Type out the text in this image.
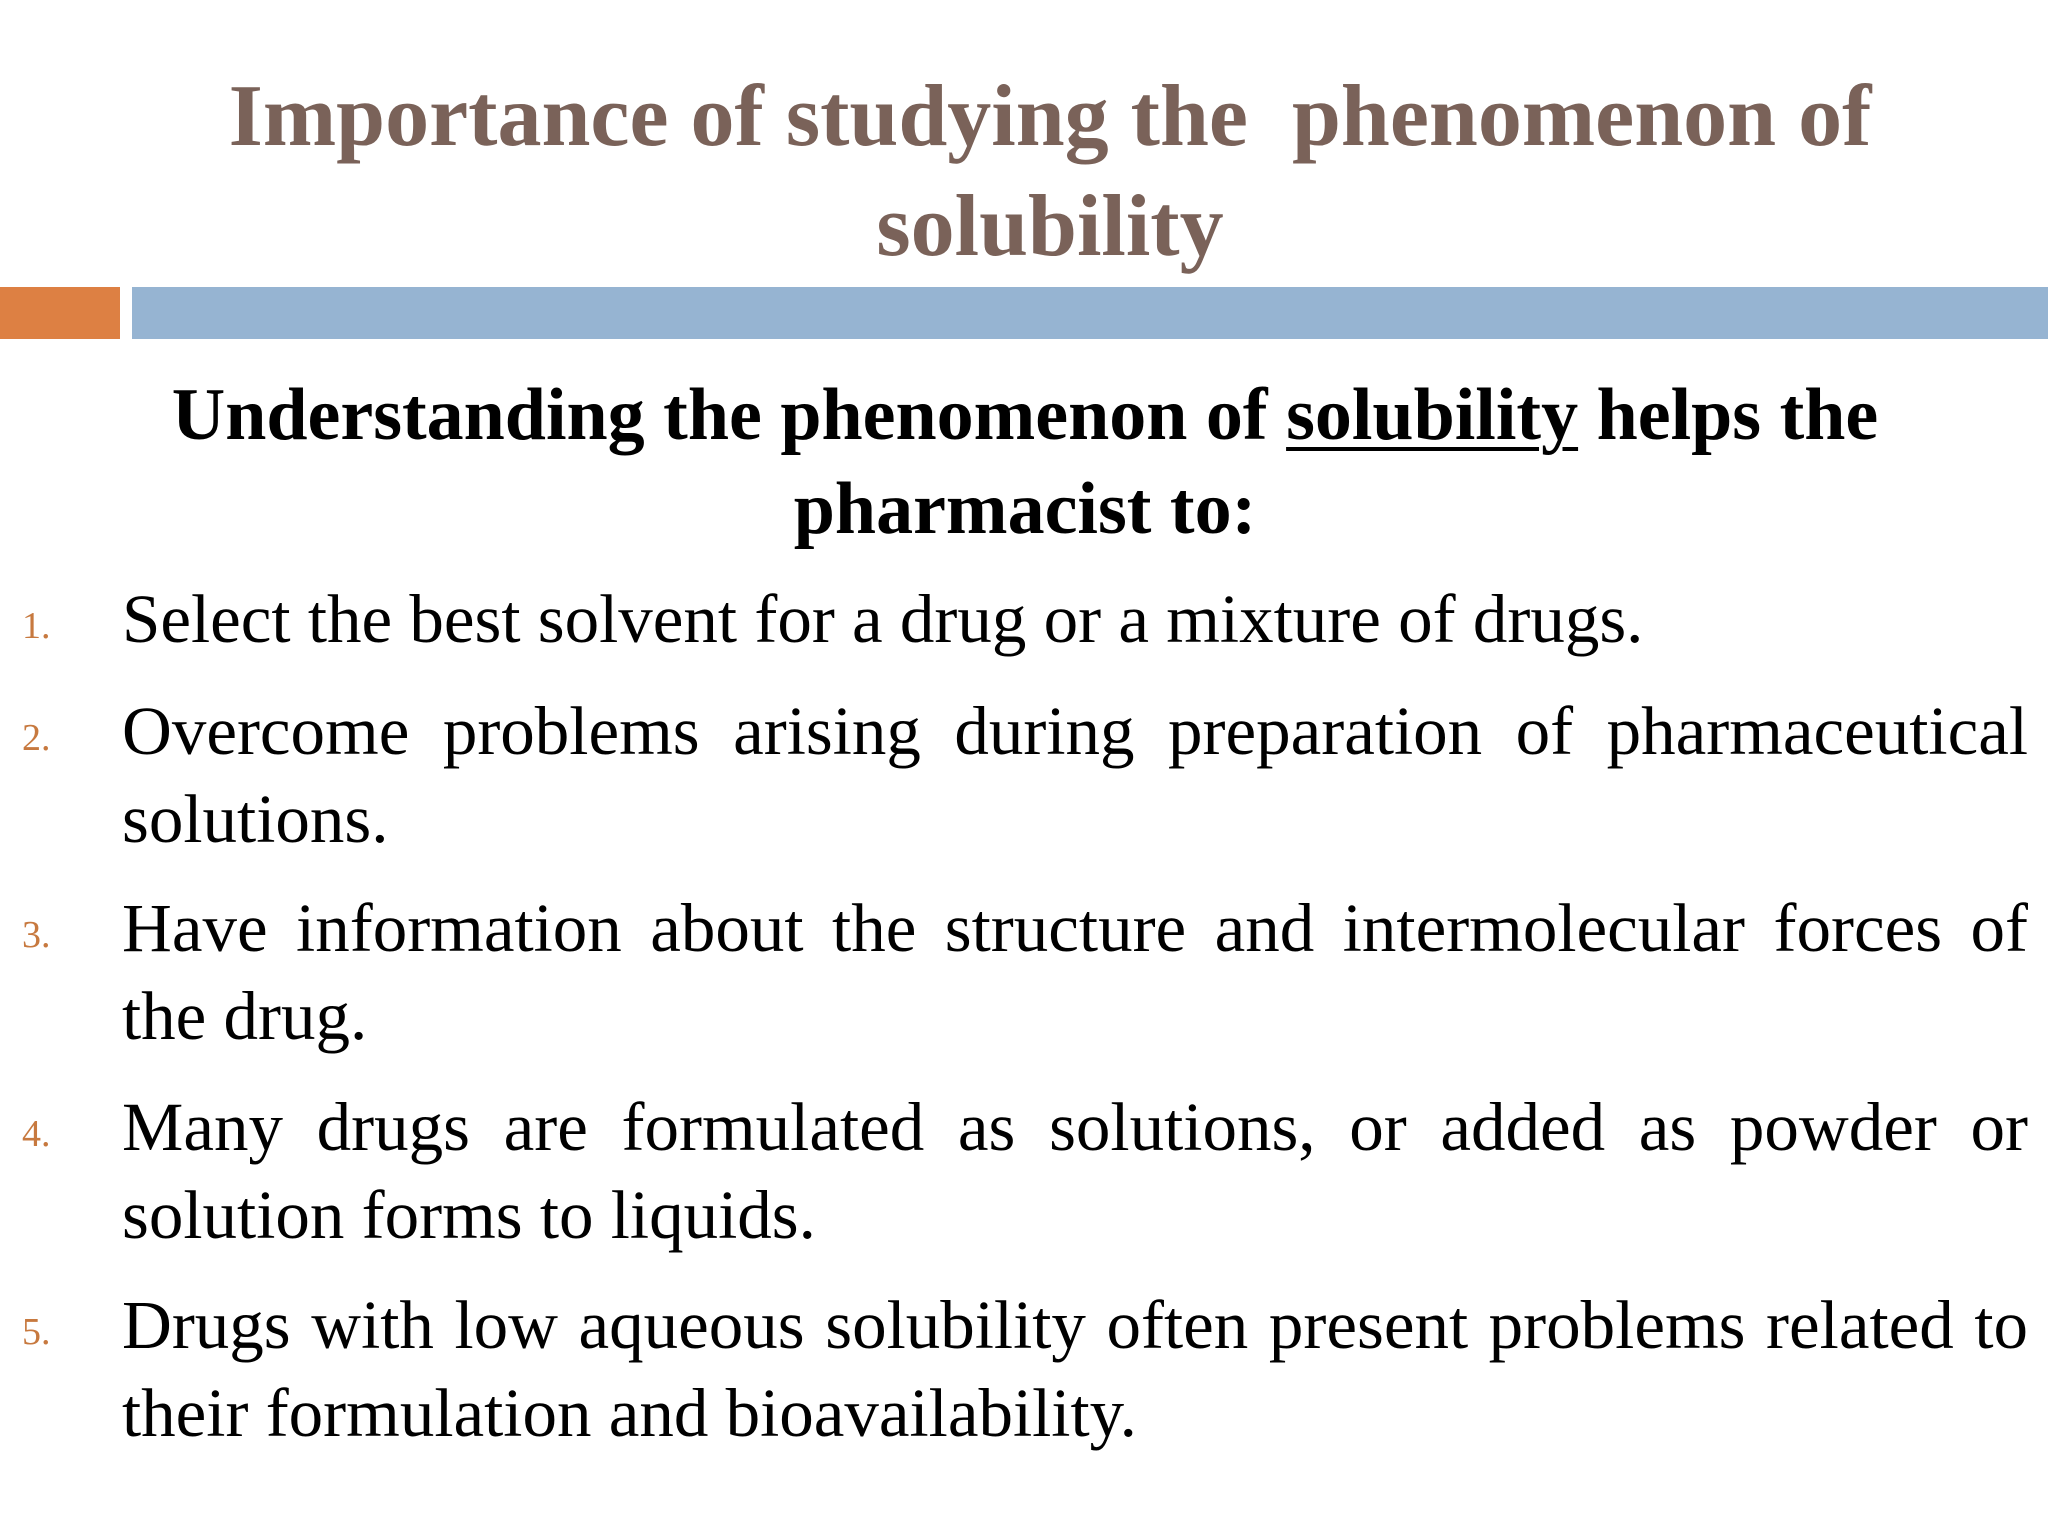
Importance of studying the  phenomenon of solubility
Understanding the phenomenon of solubility helps the pharmacist to:
1. Select the best solvent for a drug or a mixture of drugs.
2. Overcome problems arising during preparation of pharmaceutical solutions.
3. Have information about the structure and intermolecular forces of the drug.
4. Many drugs are formulated as solutions, or added as powder or solution forms to liquids.
5. Drugs with low aqueous solubility often present problems related to their formulation and bioavailability.
